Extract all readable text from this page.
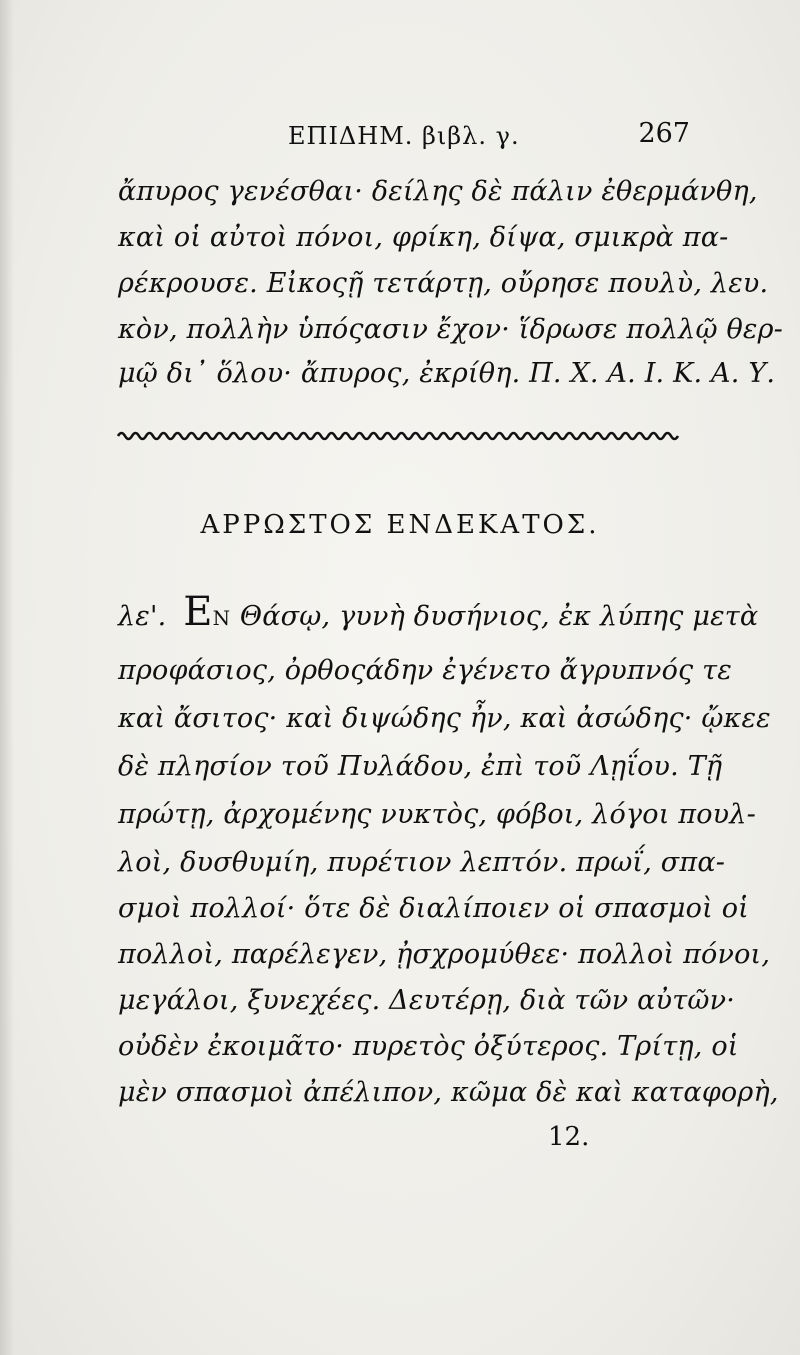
ΕΠΙΔΗΜ. βιβλ. γ.	267
ἄπυρος γενέσθαι· δείλης δὲ πάλιν ἐθερμάνθη,
καὶ οἱ αὐτοὶ πόνοι, φρίκη, δίψα, σμικρὰ πα-
ρέκρουσε. Εἰκοςῇ τετάρτῃ, οὔρησε πουλὺ, λευ.
κὸν, πολλὴν ὑπόςασιν ἔχον· ἵδρωσε πολλῷ θερ-
μῷ δι᾽ ὅλου· ἄπυρος, ἐκρίθη. Π. Χ. Α. Ι. Κ. Α. Υ.
ΑΡΡΩΣΤΟΣ ΕΝΔΕΚΑΤΟΣ.
λε'. ΕΝ Θάσῳ, γυνὴ δυσήνιος, ἐκ λύπης μετὰ
προφάσιος, ὀρθοςάδην ἐγένετο ἄγρυπνός τε
καὶ ἄσιτος· καὶ διψώδης ἦν, καὶ ἀσώδης· ᾤκεε
δὲ πλησίον τοῦ Πυλάδου, ἐπὶ τοῦ Λῃΐου. Τῇ
πρώτῃ, ἀρχομένης νυκτὸς, φόβοι, λόγοι πουλ-
λοὶ, δυσθυμίη, πυρέτιον λεπτόν. πρωΐ, σπα-
σμοὶ πολλοί· ὅτε δὲ διαλίποιεν οἱ σπασμοὶ οἱ
πολλοὶ, παρέλεγεν, ᾐσχρομύθεε· πολλοὶ πόνοι,
μεγάλοι, ξυνεχέες. Δευτέρῃ, διὰ τῶν αὐτῶν·
οὐδὲν ἐκοιμᾶτο· πυρετὸς ὀξύτερος. Τρίτῃ, οἱ
μὲν σπασμοὶ ἀπέλιπον, κῶμα δὲ καὶ καταφορὴ,
12.
